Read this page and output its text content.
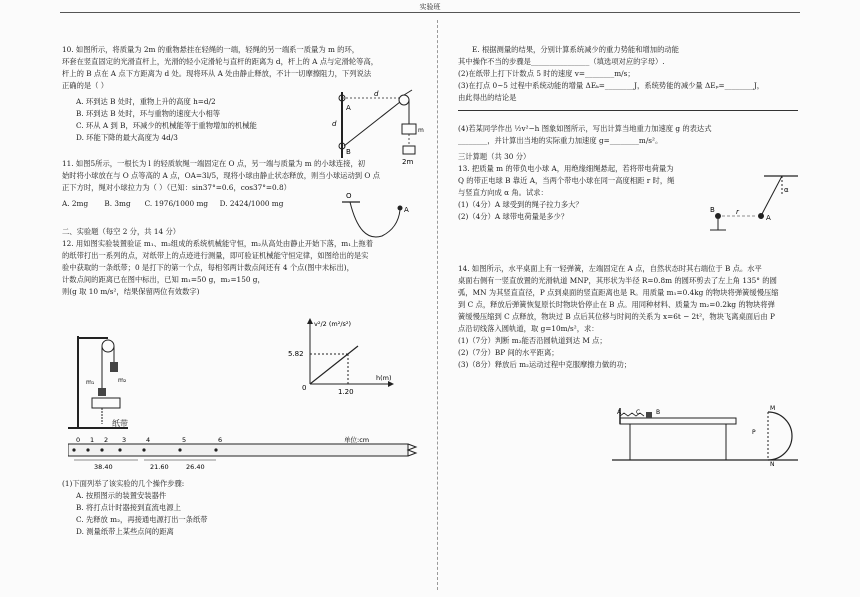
实验班

10. 如图所示，将质量为 2m 的重物悬挂在轻绳的一端，轻绳的另一端系一质量为 m 的环，

环套在竖直固定的光滑直杆上，光滑的轻小定滑轮与直杆的距离为 d，杆上的 A 点与定滑轮等高，

杆上的 B 点在 A 点下方距离为 d 处。现将环从 A 处由静止释放，不计一切摩擦阻力，下列说法

正确的是（ ）

A. 环到达 B 处时，重物上升的高度 h=d/2

B. 环到达 B 处时，环与重物的速度大小相等

C. 环从 A 到 B，环减少的机械能等于重物增加的机械能

D. 环能下降的最大高度为 4d/3

11. 如图5所示，一根长为 l 的轻质软绳一端固定在 O 点，另一端与质量为 m 的小球连接，初

始时将小球放在与 O 点等高的 A 点，OA=3l/5，现将小球由静止状态释放，则当小球运动到 O 点

正下方时，绳对小球拉力为（ ）（已知：sin37°=0.6，cos37°=0.8）

A. 2mg B. 3mg C. 1976/1000 mg D. 2424/1000 mg

二、实验题（每空 2 分，共 14 分）

12. 用如图实验装置验证 m₁、m₂组成的系统机械能守恒，m₂从高处由静止开始下落，m₁上拖着

的纸带打出一系列的点，对纸带上的点迹进行测量，即可验证机械能守恒定律，如图给出的是实

验中获取的一条纸带；0 是打下的第一个点，每相邻两计数点间还有 4 个点(图中未标出)，

计数点间的距离已在图中标出，已知 m₁=50 g，m₂=150 g，

则(g 取 10 m/s²，结果保留两位有效数字)

A
B
d
d
m
2m
O
A
m₁	m₂
纸带
v²/2 (m²/s²)
h(m)
5.82
1.20
0
0 1 2 3	4	5	6	单位:cm
38.40	21.60	26.40

(1)下面列举了该实验的几个操作步骤:

A. 按照图示的装置安装器件

B. 将打点计时器接到直流电源上

C. 先释放 m₂，再接通电源打出一条纸带

D. 测量纸带上某些点间的距离

E. 根据测量的结果，分别计算系统减少的重力势能和增加的动能

其中操作不当的步骤是________________（填选项对应的字母）.

(2)在纸带上打下计数点 5 时的速度 v=________m/s；

(3)在打点 0~5 过程中系统动能的增量 ΔEₖ=________J，系统势能的减少量 ΔEₚ=________J，

由此得出的结论是

(4)若某同学作出 ½v²−h 图象如图所示，写出计算当地重力加速度 g 的表达式

________，并计算出当地的实际重力加速度 g=________m/s²。

三计算题（共 30 分）

13. 把质量 m 的带负电小球 A，用绝缘细绳悬起，若将带电荷量为

Q 的带正电球 B 靠近 A，当两个带电小球在同一高度相距 r 时，绳

与竖直方向成 α 角。试求：

(1)（4分）A 球受到的绳子拉力多大？

(2)（4分）A 球带电荷量是多少？

14. 如图所示，水平桌面上有一轻弹簧，左端固定在 A 点，自然状态时其右端位于 B 点。水平

桌面右侧有一竖直放置的光滑轨道 MNP，其形状为半径 R=0.8m 的圆环剪去了左上角 135° 的圆

弧，MN 为其竖直直径，P 点到桌面的竖直距离也是 R。用质量 m₁=0.4kg 的物块将弹簧缓慢压缩

到 C 点，释放后弹簧恢复原长时物块恰停止在 B 点。用同种材料、质量为 m₂=0.2kg 的物块将弹

簧缓慢压缩到 C 点释放，物块过 B 点后其位移与时间的关系为 x=6t − 2t²，物块飞离桌面后由 P

点沿切线落入圆轨道，取 g=10m/s²，求：

(1)（7分）判断 m₂能否沿圆轨道到达 M 点；

(2)（7分）BP 间的水平距离；

(3)（8分）释放后 m₂运动过程中克服摩擦力做的功；

B
A
r
α
A C	B
P
M
N
